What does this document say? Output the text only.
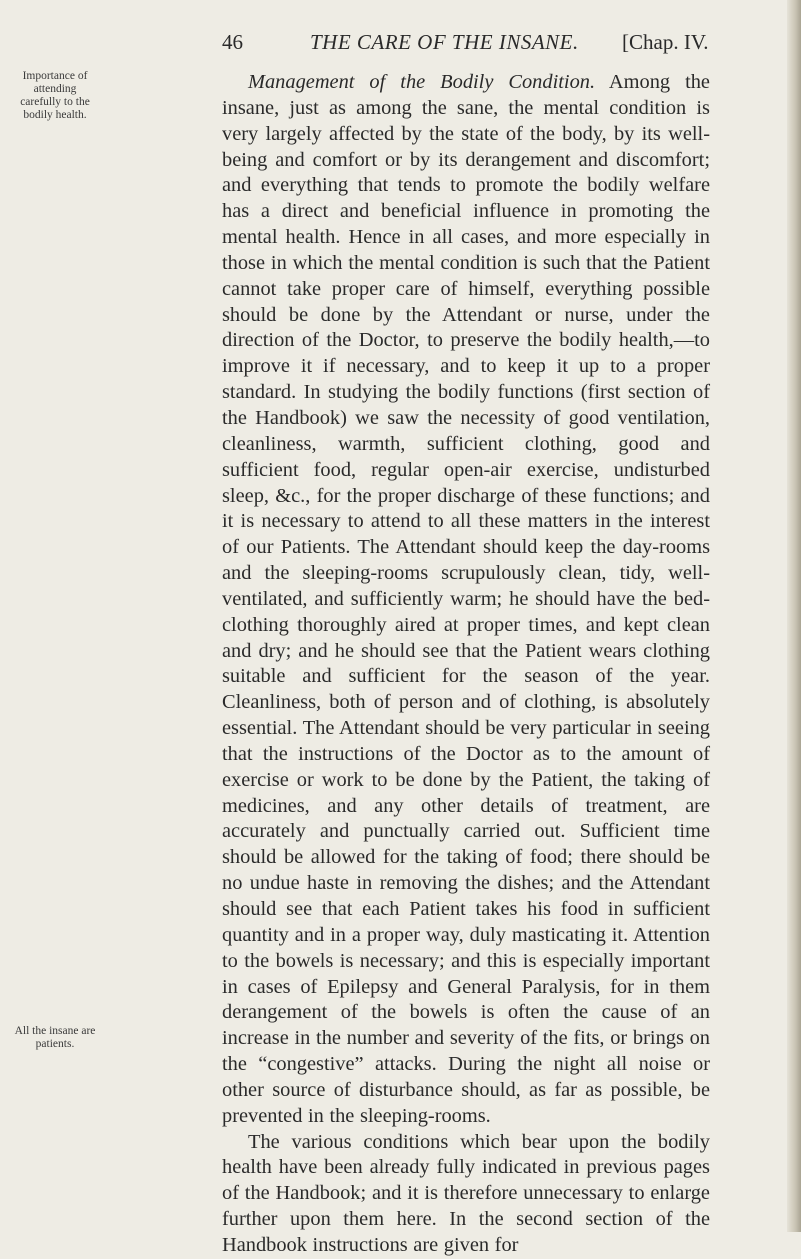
46	THE CARE OF THE INSANE. [Chap. IV.
Importance of attending carefully to the bodily health.
All the insane are patients.

Management of the Bodily Condition. Among the insane, just as among the sane, the mental condition is very largely affected by the state of the body, by its well-being and comfort or by its derangement and discomfort; and everything that tends to promote the bodily welfare has a direct and beneficial influence in promoting the mental health. Hence in all cases, and more especially in those in which the mental condition is such that the Patient cannot take proper care of himself, everything possible should be done by the Attendant or nurse, under the direction of the Doctor, to preserve the bodily health,—to improve it if necessary, and to keep it up to a proper standard. In studying the bodily functions (first section of the Handbook) we saw the necessity of good ventilation, cleanliness, warmth, sufficient clothing, good and sufficient food, regular open-air exercise, undisturbed sleep, &c., for the proper discharge of these functions; and it is necessary to attend to all these matters in the interest of our Patients. The Attendant should keep the day-rooms and the sleeping-rooms scrupulously clean, tidy, well-ventilated, and sufficiently warm; he should have the bed-clothing thoroughly aired at proper times, and kept clean and dry; and he should see that the Patient wears clothing suitable and sufficient for the season of the year. Cleanliness, both of person and of clothing, is absolutely essential. The Attendant should be very particular in seeing that the instructions of the Doctor as to the amount of exercise or work to be done by the Patient, the taking of medicines, and any other details of treatment, are accurately and punctually carried out. Sufficient time should be allowed for the taking of food; there should be no undue haste in removing the dishes; and the Attendant should see that each Patient takes his food in sufficient quantity and in a proper way, duly masticating it. Attention to the bowels is necessary; and this is especially important in cases of Epilepsy and General Paralysis, for in them derangement of the bowels is often the cause of an increase in the number and severity of the fits, or brings on the “congestive” attacks. During the night all noise or other source of disturbance should, as far as possible, be prevented in the sleeping-rooms.

The various conditions which bear upon the bodily health have been already fully indicated in previous pages of the Handbook; and it is therefore unnecessary to enlarge further upon them here. In the second section of the Handbook instructions are given for
